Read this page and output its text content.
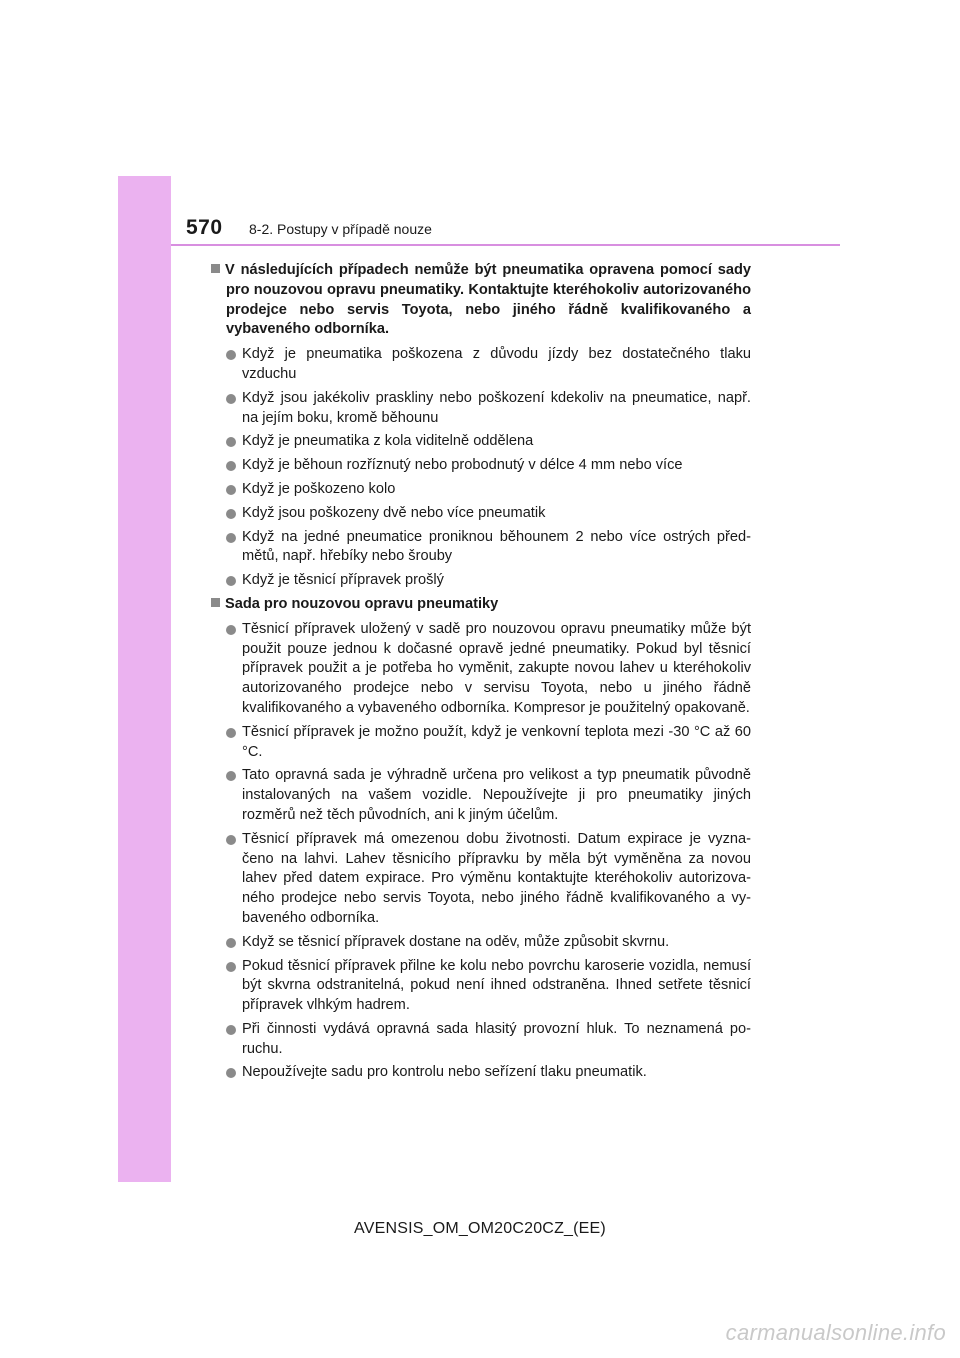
570 8-2. Postupy v případě nouze

V následujících případech nemůže být pneumatika opravena pomocí sady pro nouzovou opravu pneumatiky. Kontaktujte kteréhokoliv autorizovaného prodejce nebo servis Toyota, nebo jiného řádně kvalifikovaného a vybaveného odborníka.

Když je pneumatika poškozena z důvodu jízdy bez dostatečného tlaku vzduchu

Když jsou jakékoliv praskliny nebo poškození kdekoliv na pneumatice, např. na jejím boku, kromě běhounu

Když je pneumatika z kola viditelně oddělena

Když je běhoun rozříznutý nebo probodnutý v délce 4 mm nebo více

Když je poškozeno kolo

Když jsou poškozeny dvě nebo více pneumatik

Když na jedné pneumatice proniknou běhounem 2 nebo více ostrých předmětů, např. hřebíky nebo šrouby

Když je těsnicí přípravek prošlý

Sada pro nouzovou opravu pneumatiky

Těsnicí přípravek uložený v sadě pro nouzovou opravu pneumatiky může být použit pouze jednou k dočasné opravě jedné pneumatiky. Pokud byl těsnicí přípravek použit a je potřeba ho vyměnit, zakupte novou lahev u kteréhokoliv autorizovaného prodejce nebo v servisu Toyota, nebo u jiného řádně kvalifikovaného a vybaveného odborníka. Kompresor je použitelný opakovaně.

Těsnicí přípravek je možno použít, když je venkovní teplota mezi -30 °C až 60 °C.

Tato opravná sada je výhradně určena pro velikost a typ pneumatik původně instalovaných na vašem vozidle. Nepoužívejte ji pro pneumatiky jiných rozměrů než těch původních, ani k jiným účelům.

Těsnicí přípravek má omezenou dobu životnosti. Datum expirace je vyznačeno na lahvi. Lahev těsnicího přípravku by měla být vyměněna za novou lahev před datem expirace. Pro výměnu kontaktujte kteréhokoliv autorizovaného prodejce nebo servis Toyota, nebo jiného řádně kvalifikovaného a vybaveného odborníka.

Když se těsnicí přípravek dostane na oděv, může způsobit skvrnu.

Pokud těsnicí přípravek přilne ke kolu nebo povrchu karoserie vozidla, nemusí být skvrna odstranitelná, pokud není ihned odstraněna. Ihned setřete těsnicí přípravek vlhkým hadrem.

Při činnosti vydává opravná sada hlasitý provozní hluk. To neznamená poruchu.

Nepoužívejte sadu pro kontrolu nebo seřízení tlaku pneumatik.

AVENSIS_OM_OM20C20CZ_(EE)
carmanualsonline.info
